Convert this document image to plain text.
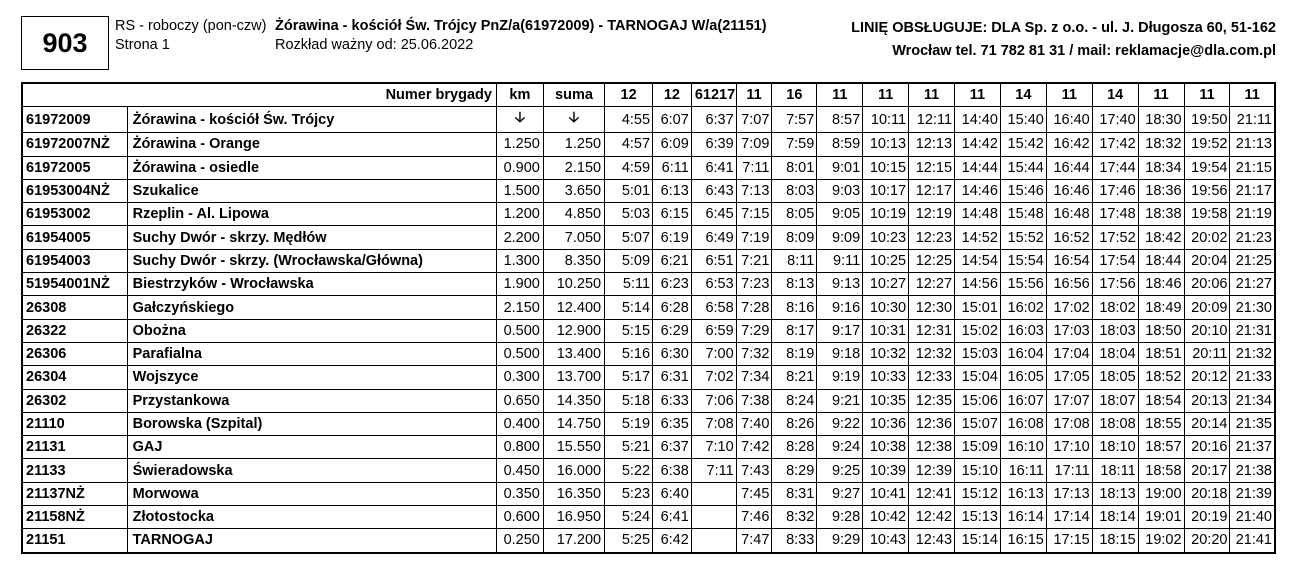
903
RS - roboczy (pon-czw)
Strona 1
Żórawina - kościół Św. Trójcy PnZ/a(61972009) - TARNOGAJ W/a(21151)
Rozkład ważny od: 25.06.2022
LINIĘ OBSŁUGUJE: DLA Sp. z o.o. - ul. J. Długosza 60, 51-162
Wrocław tel. 71 782 81 31 / mail: reklamacje@dla.com.pl
Numer brygady		km	suma	12	12	61217	11	16	11	11	11	11	14	11	14	11	11	11
61972009	Żórawina - kościół Św. Trójcy	🡣	🡣	4:55	6:07	6:37	7:07	7:57	8:57	10:11	12:11	14:40	15:40	16:40	17:40	18:30	19:50	21:11
61972007NŻ	Żórawina - Orange	1.250	1.250	4:57	6:09	6:39	7:09	7:59	8:59	10:13	12:13	14:42	15:42	16:42	17:42	18:32	19:52	21:13
61972005	Żórawina - osiedle	0.900	2.150	4:59	6:11	6:41	7:11	8:01	9:01	10:15	12:15	14:44	15:44	16:44	17:44	18:34	19:54	21:15
61953004NŻ	Szukalice	1.500	3.650	5:01	6:13	6:43	7:13	8:03	9:03	10:17	12:17	14:46	15:46	16:46	17:46	18:36	19:56	21:17
61953002	Rzeplin - Al. Lipowa	1.200	4.850	5:03	6:15	6:45	7:15	8:05	9:05	10:19	12:19	14:48	15:48	16:48	17:48	18:38	19:58	21:19
61954005	Suchy Dwór - skrzy. Mędłów	2.200	7.050	5:07	6:19	6:49	7:19	8:09	9:09	10:23	12:23	14:52	15:52	16:52	17:52	18:42	20:02	21:23
61954003	Suchy Dwór - skrzy. (Wrocławska/Główna)	1.300	8.350	5:09	6:21	6:51	7:21	8:11	9:11	10:25	12:25	14:54	15:54	16:54	17:54	18:44	20:04	21:25
51954001NŻ	Biestrzyków - Wrocławska	1.900	10.250	5:11	6:23	6:53	7:23	8:13	9:13	10:27	12:27	14:56	15:56	16:56	17:56	18:46	20:06	21:27
26308	Gałczyńskiego	2.150	12.400	5:14	6:28	6:58	7:28	8:16	9:16	10:30	12:30	15:01	16:02	17:02	18:02	18:49	20:09	21:30
26322	Obożna	0.500	12.900	5:15	6:29	6:59	7:29	8:17	9:17	10:31	12:31	15:02	16:03	17:03	18:03	18:50	20:10	21:31
26306	Parafialna	0.500	13.400	5:16	6:30	7:00	7:32	8:19	9:18	10:32	12:32	15:03	16:04	17:04	18:04	18:51	20:11	21:32
26304	Wojszyce	0.300	13.700	5:17	6:31	7:02	7:34	8:21	9:19	10:33	12:33	15:04	16:05	17:05	18:05	18:52	20:12	21:33
26302	Przystankowa	0.650	14.350	5:18	6:33	7:06	7:38	8:24	9:21	10:35	12:35	15:06	16:07	17:07	18:07	18:54	20:13	21:34
21110	Borowska (Szpital)	0.400	14.750	5:19	6:35	7:08	7:40	8:26	9:22	10:36	12:36	15:07	16:08	17:08	18:08	18:55	20:14	21:35
21131	GAJ	0.800	15.550	5:21	6:37	7:10	7:42	8:28	9:24	10:38	12:38	15:09	16:10	17:10	18:10	18:57	20:16	21:37
21133	Świeradowska	0.450	16.000	5:22	6:38	7:11	7:43	8:29	9:25	10:39	12:39	15:10	16:11	17:11	18:11	18:58	20:17	21:38
21137NŻ	Morwowa	0.350	16.350	5:23	6:40		7:45	8:31	9:27	10:41	12:41	15:12	16:13	17:13	18:13	19:00	20:18	21:39
21158NŻ	Złotostocka	0.600	16.950	5:24	6:41		7:46	8:32	9:28	10:42	12:42	15:13	16:14	17:14	18:14	19:01	20:19	21:40
21151	TARNOGAJ	0.250	17.200	5:25	6:42		7:47	8:33	9:29	10:43	12:43	15:14	16:15	17:15	18:15	19:02	20:20	21:41
